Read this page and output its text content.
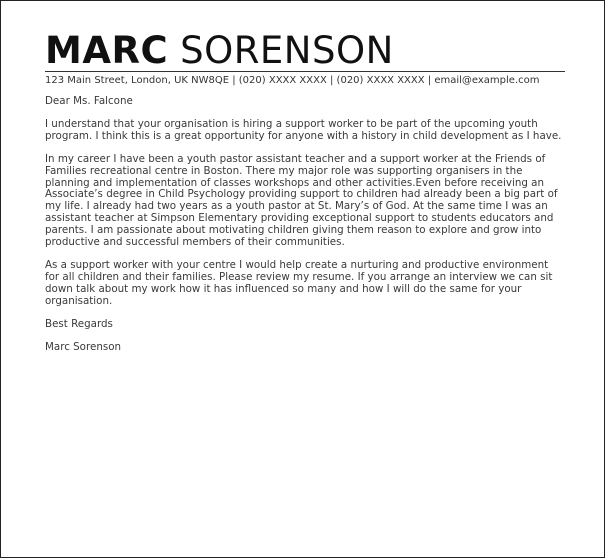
MARC SORENSON
123 Main Street, London, UK NW8QE | (020) XXXX XXXX | (020) XXXX XXXX | email@example.com

Dear Ms. Falcone

I understand that your organisation is hiring a support worker to be part of the upcoming youth program. I think this is a great opportunity for anyone with a history in child development as I have.

In my career I have been a youth pastor assistant teacher and a support worker at the Friends of Families recreational centre in Boston. There my major role was supporting organisers in the planning and implementation of classes workshops and other activities.Even before receiving an Associate’s degree in Child Psychology providing support to children had already been a big part of my life. I already had two years as a youth pastor at St. Mary’s of God. At the same time I was an assistant teacher at Simpson Elementary providing exceptional support to students educators and parents. I am passionate about motivating children giving them reason to explore and grow into productive and successful members of their communities.

As a support worker with your centre I would help create a nurturing and productive environment for all children and their families. Please review my resume. If you arrange an interview we can sit down talk about my work how it has influenced so many and how I will do the same for your organisation.

Best Regards

Marc Sorenson
